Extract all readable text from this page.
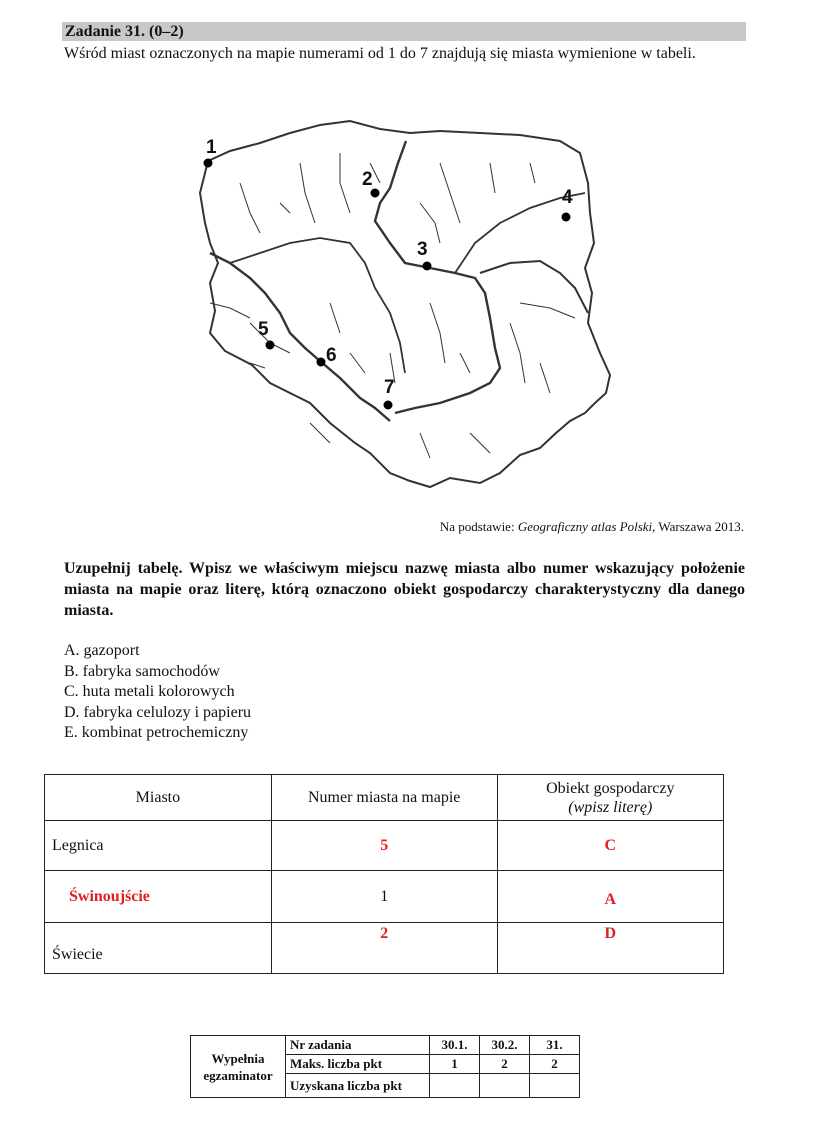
Zadanie 31. (0–2)
Wśród miast oznaczonych na mapie numerami od 1 do 7 znajdują się miasta wymienione w tabeli.
1
2
3
4
5
6
7
Na podstawie: Geograficzny atlas Polski, Warszawa 2013.
Uzupełnij tabelę. Wpisz we właściwym miejscu nazwę miasta albo numer wskazujący położenie miasta na mapie oraz literę, którą oznaczono obiekt gospodarczy charakterystyczny dla danego miasta.
A. gazoport
B. fabryka samochodów
C. huta metali kolorowych
D. fabryka celulozy i papieru
E. kombinat petrochemiczny
Miasto	Numer miasta na mapie	Obiekt gospodarczy
(wpisz literę)

Legnica	5	C
Świnoujście	1	A
Świecie	2	D
Wypełnia egzaminator	Nr zadania	30.1.	30.2.	31.
	Maks. liczba pkt	1	2	2
	Uzyskana liczba pkt			
